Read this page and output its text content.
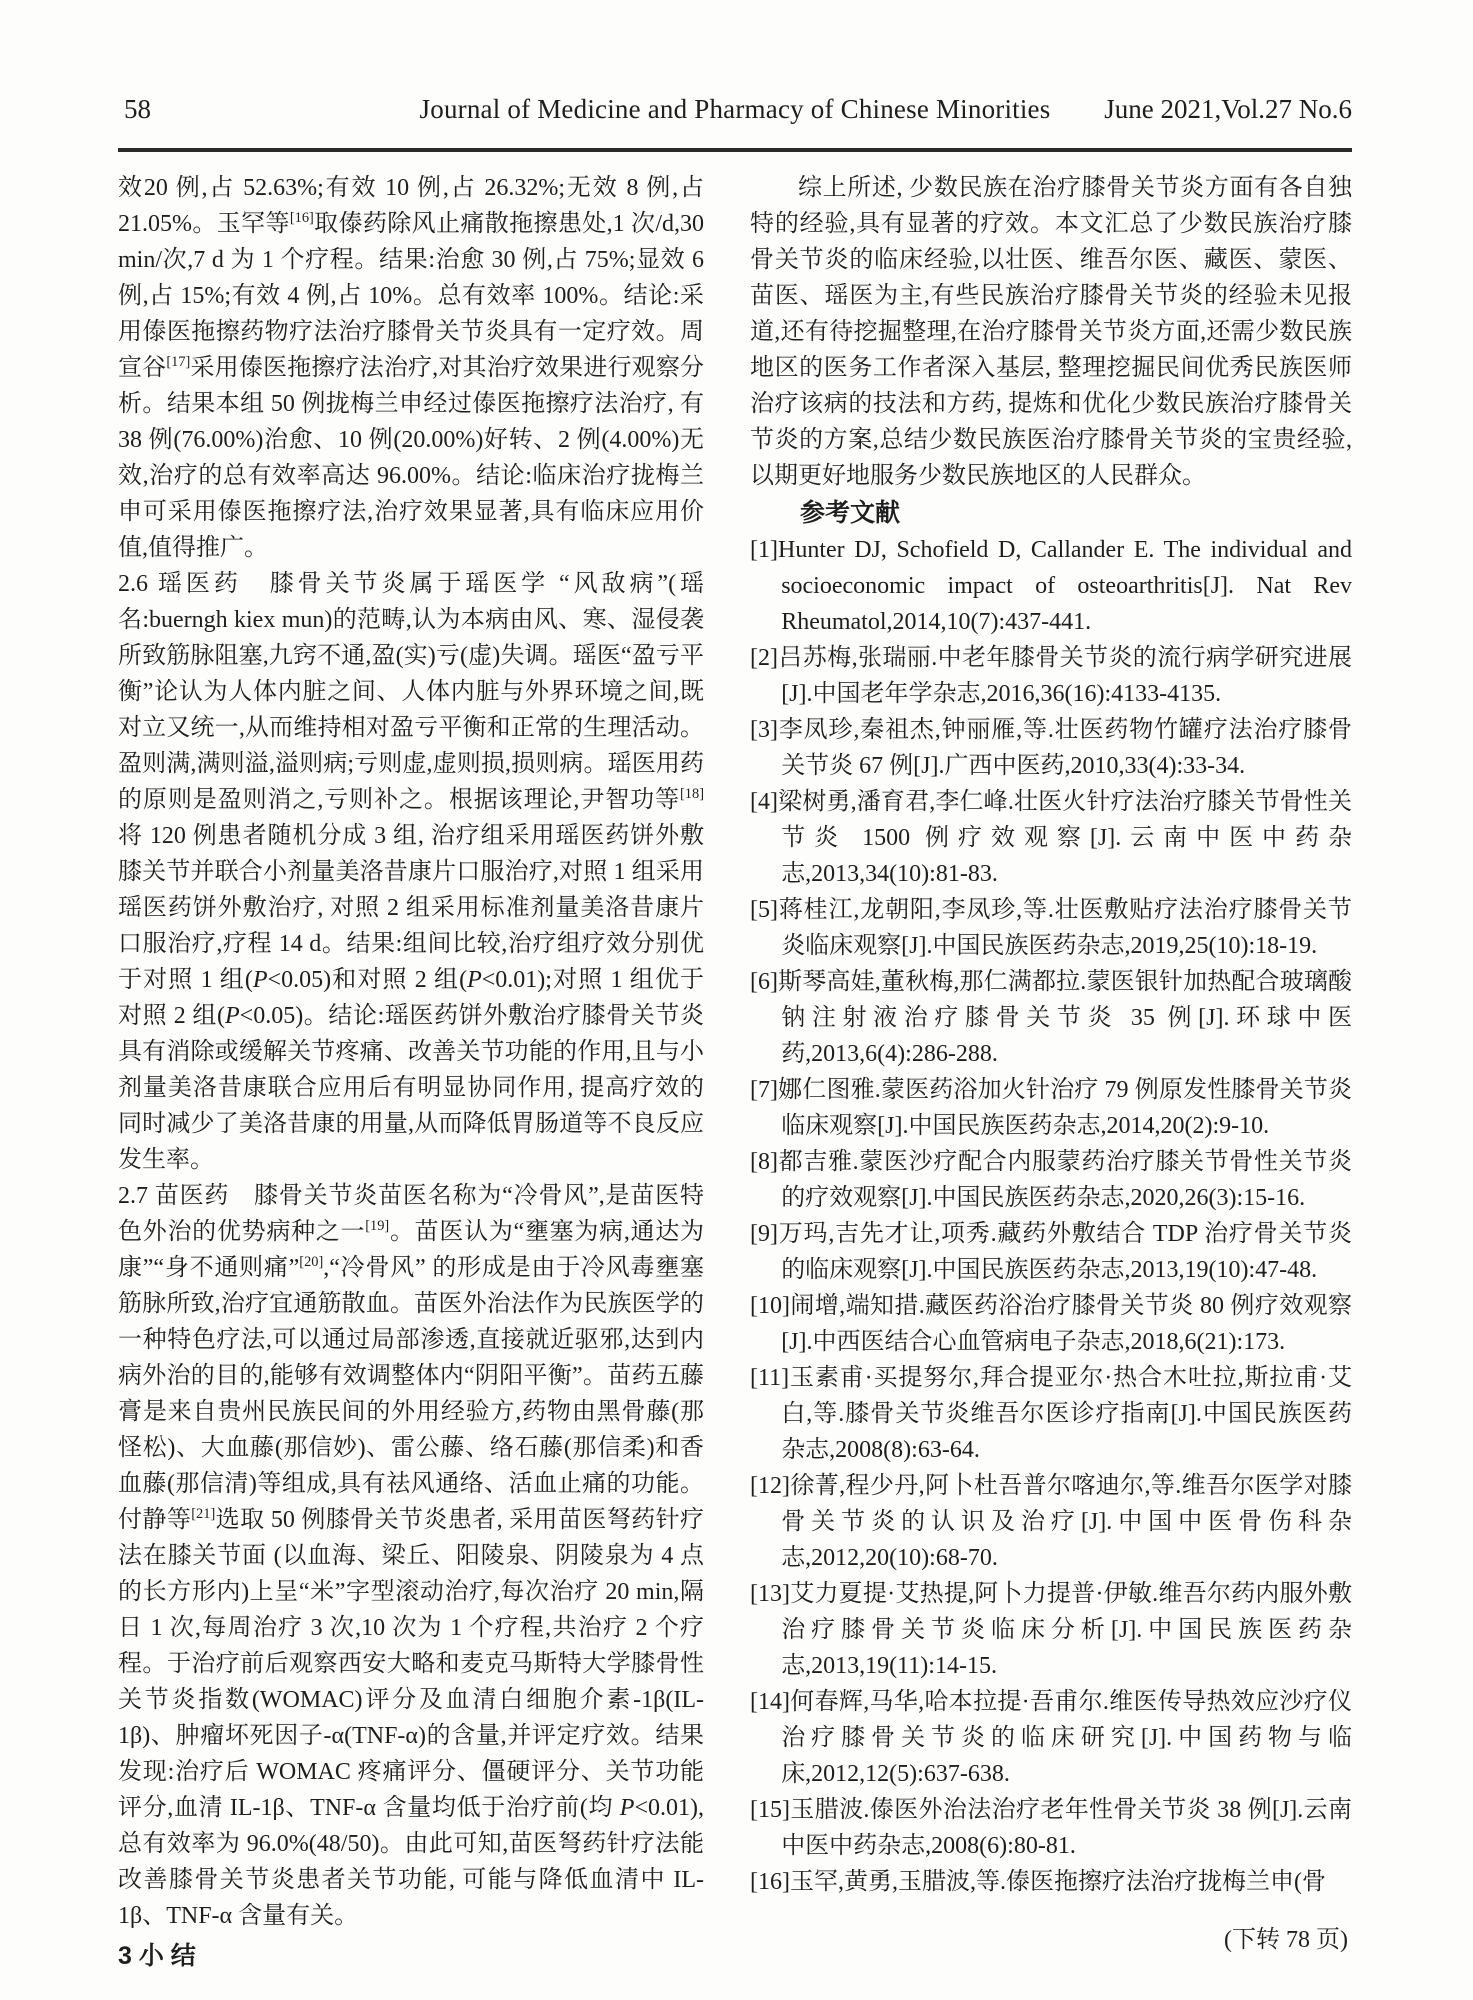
58	Journal of Medicine and Pharmacy of Chinese Minorities	June 2021,Vol.27 No.6

效20 例,占 52.63%;有效 10 例,占 26.32%;无效 8 例,占 21.05%。玉罕等[16]取傣药除风止痛散拖擦患处,1 次/d,30 min/次,7 d 为 1 个疗程。结果:治愈 30 例,占 75%;显效 6 例,占 15%;有效 4 例,占 10%。总有效率 100%。结论:采用傣医拖擦药物疗法治疗膝骨关节炎具有一定疗效。周宣谷[17]采用傣医拖擦疗法治疗,对其治疗效果进行观察分析。结果本组 50 例拢梅兰申经过傣医拖擦疗法治疗, 有 38 例(76.00%)治愈、10 例(20.00%)好转、2 例(4.00%)无效,治疗的总有效率高达 96.00%。结论:临床治疗拢梅兰申可采用傣医拖擦疗法,治疗效果显著,具有临床应用价值,值得推广。

2.6 瑶医药　膝骨关节炎属于瑶医学 “风敌病”(瑶名:buerngh kiex mun)的范畴,认为本病由风、寒、湿侵袭所致筋脉阻塞,九窍不通,盈(实)亏(虚)失调。瑶医“盈亏平衡”论认为人体内脏之间、人体内脏与外界环境之间,既对立又统一,从而维持相对盈亏平衡和正常的生理活动。盈则满,满则溢,溢则病;亏则虚,虚则损,损则病。瑶医用药的原则是盈则消之,亏则补之。根据该理论,尹智功等[18]将 120 例患者随机分成 3 组, 治疗组采用瑶医药饼外敷膝关节并联合小剂量美洛昔康片口服治疗,对照 1 组采用瑶医药饼外敷治疗, 对照 2 组采用标准剂量美洛昔康片口服治疗,疗程 14 d。结果:组间比较,治疗组疗效分别优于对照 1 组(P<0.05)和对照 2 组(P<0.01);对照 1 组优于对照 2 组(P<0.05)。结论:瑶医药饼外敷治疗膝骨关节炎具有消除或缓解关节疼痛、改善关节功能的作用,且与小剂量美洛昔康联合应用后有明显协同作用, 提高疗效的同时减少了美洛昔康的用量,从而降低胃肠道等不良反应发生率。

2.7 苗医药　膝骨关节炎苗医名称为“冷骨风”,是苗医特色外治的优势病种之一[19]。苗医认为“壅塞为病,通达为康”“身不通则痛”[20],“冷骨风” 的形成是由于冷风毒壅塞筋脉所致,治疗宜通筋散血。苗医外治法作为民族医学的一种特色疗法,可以通过局部渗透,直接就近驱邪,达到内病外治的目的,能够有效调整体内“阴阳平衡”。苗药五藤膏是来自贵州民族民间的外用经验方,药物由黑骨藤(那怪松)、大血藤(那信妙)、雷公藤、络石藤(那信柔)和香血藤(那信清)等组成,具有祛风通络、活血止痛的功能。付静等[21]选取 50 例膝骨关节炎患者, 采用苗医弩药针疗法在膝关节面 (以血海、梁丘、阳陵泉、阴陵泉为 4 点的长方形内)上呈“米”字型滚动治疗,每次治疗 20 min,隔日 1 次,每周治疗 3 次,10 次为 1 个疗程,共治疗 2 个疗程。于治疗前后观察西安大略和麦克马斯特大学膝骨性关节炎指数(WOMAC)评分及血清白细胞介素-1β(IL-1β)、肿瘤坏死因子-α(TNF-α)的含量,并评定疗效。结果发现:治疗后 WOMAC 疼痛评分、僵硬评分、关节功能评分,血清 IL-1β、TNF-α 含量均低于治疗前(均 P<0.01),总有效率为 96.0%(48/50)。由此可知,苗医弩药针疗法能改善膝骨关节炎患者关节功能, 可能与降低血清中 IL-1β、TNF-α 含量有关。

3 小 结

综上所述, 少数民族在治疗膝骨关节炎方面有各自独特的经验,具有显著的疗效。本文汇总了少数民族治疗膝骨关节炎的临床经验,以壮医、维吾尔医、藏医、蒙医、苗医、瑶医为主,有些民族治疗膝骨关节炎的经验未见报道,还有待挖掘整理,在治疗膝骨关节炎方面,还需少数民族地区的医务工作者深入基层, 整理挖掘民间优秀民族医师治疗该病的技法和方药, 提炼和优化少数民族治疗膝骨关节炎的方案,总结少数民族医治疗膝骨关节炎的宝贵经验,以期更好地服务少数民族地区的人民群众。

参考文献
[1]Hunter DJ, Schofield D, Callander E. The individual and socioeconomic impact of osteoarthritis[J]. Nat Rev Rheumatol,2014,10(7):437-441.
[2]吕苏梅,张瑞丽.中老年膝骨关节炎的流行病学研究进展[J].中国老年学杂志,2016,36(16):4133-4135.
[3]李凤珍,秦祖杰,钟丽雁,等.壮医药物竹罐疗法治疗膝骨关节炎 67 例[J].广西中医药,2010,33(4):33-34.
[4]梁树勇,潘育君,李仁峰.壮医火针疗法治疗膝关节骨性关节炎 1500 例疗效观察[J].云南中医中药杂志,2013,34(10):81-83.
[5]蒋桂江,龙朝阳,李凤珍,等.壮医敷贴疗法治疗膝骨关节炎临床观察[J].中国民族医药杂志,2019,25(10):18-19.
[6]斯琴高娃,董秋梅,那仁满都拉.蒙医银针加热配合玻璃酸钠注射液治疗膝骨关节炎 35 例[J].环球中医药,2013,6(4):286-288.
[7]娜仁图雅.蒙医药浴加火针治疗 79 例原发性膝骨关节炎临床观察[J].中国民族医药杂志,2014,20(2):9-10.
[8]都吉雅.蒙医沙疗配合内服蒙药治疗膝关节骨性关节炎的疗效观察[J].中国民族医药杂志,2020,26(3):15-16.
[9]万玛,吉先才让,项秀.藏药外敷结合 TDP 治疗骨关节炎的临床观察[J].中国民族医药杂志,2013,19(10):47-48.
[10]闹增,端知措.藏医药浴治疗膝骨关节炎 80 例疗效观察[J].中西医结合心血管病电子杂志,2018,6(21):173.
[11]玉素甫·买提努尔,拜合提亚尔·热合木吐拉,斯拉甫·艾白,等.膝骨关节炎维吾尔医诊疗指南[J].中国民族医药杂志,2008(8):63-64.
[12]徐菁,程少丹,阿卜杜吾普尔喀迪尔,等.维吾尔医学对膝骨关节炎的认识及治疗[J].中国中医骨伤科杂志,2012,20(10):68-70.
[13]艾力夏提·艾热提,阿卜力提普·伊敏.维吾尔药内服外敷治疗膝骨关节炎临床分析[J].中国民族医药杂志,2013,19(11):14-15.
[14]何春辉,马华,哈本拉提·吾甫尔.维医传导热效应沙疗仪治疗膝骨关节炎的临床研究[J].中国药物与临床,2012,12(5):637-638.
[15]玉腊波.傣医外治法治疗老年性骨关节炎 38 例[J].云南中医中药杂志,2008(6):80-81.
[16]玉罕,黄勇,玉腊波,等.傣医拖擦疗法治疗拢梅兰申(骨
(下转 78 页)
